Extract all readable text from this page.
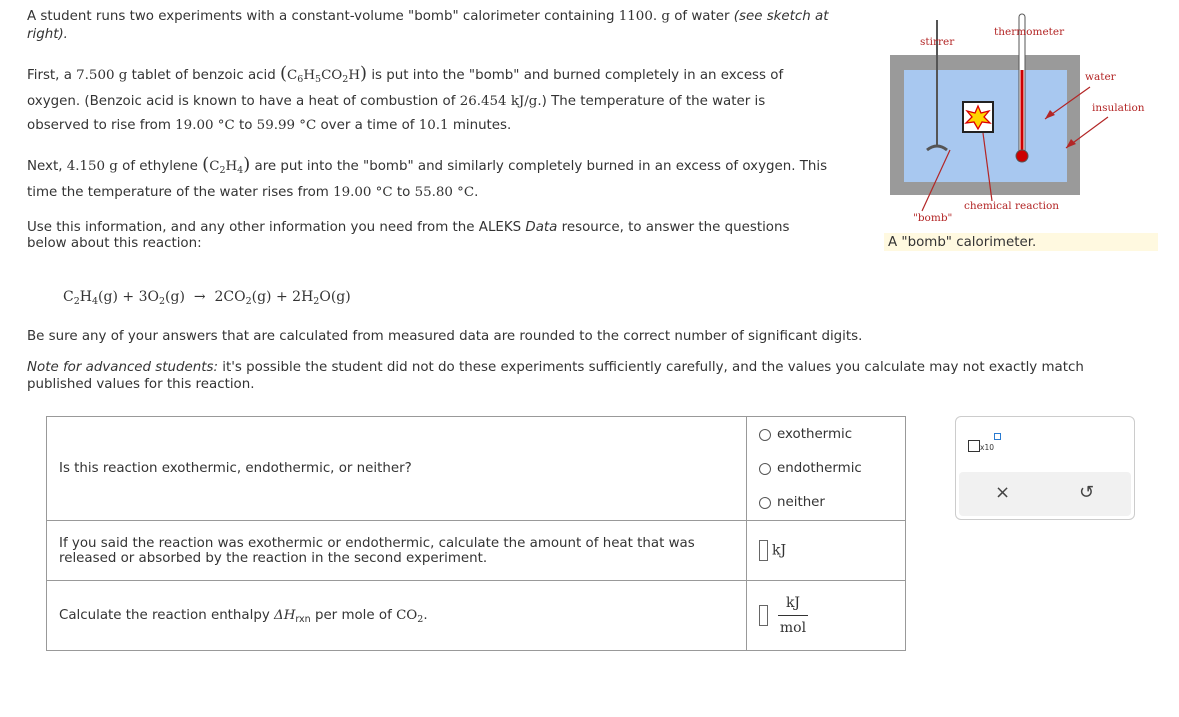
A student runs two experiments with a constant-volume "bomb" calorimeter containing 1100. g of water (see sketch at
right).
First, a 7.500 g tablet of benzoic acid $(C_6H_5CO_2H)$ is put into the "bomb" and burned completely in an excess of
oxygen. (Benzoic acid is known to have a heat of combustion of 26.454 kJ/g.) The temperature of the water is
observed to rise from 19.00 °C to 59.99 °C over a time of 10.1 minutes.
Next, 4.150 g of ethylene $(C_2H_4)$ are put into the "bomb" and similarly completely burned in an excess of oxygen. This
time the temperature of the water rises from 19.00 °C to 55.80 °C.
Use this information, and any other information you need from the ALEKS Data resource, to answer the questions
below about this reaction:
stirrer
thermometer
water
insulation
chemical reaction
"bomb"
A "bomb" calorimeter.
$C_2H_4(g) + 3O_2(g) \to 2CO_2(g) + 2H_2O(g)$
Be sure any of your answers that are calculated from measured data are rounded to the correct number of significant digits.
Note for advanced students: it's possible the student did not do these experiments sufficiently carefully, and the values you calculate may not exactly match
published values for this reaction.
Is this reaction exothermic, endothermic, or neither?	exothermic
endothermic
neither

If you said the reaction was exothermic or endothermic, calculate the amount of heat that was
released or absorbed by the reaction in the second experiment.	kJ
Calculate the reaction enthalpy $\Delta H_{rxn}$ per mole of $CO_2$.	kJ
mol
x10
×	↺
